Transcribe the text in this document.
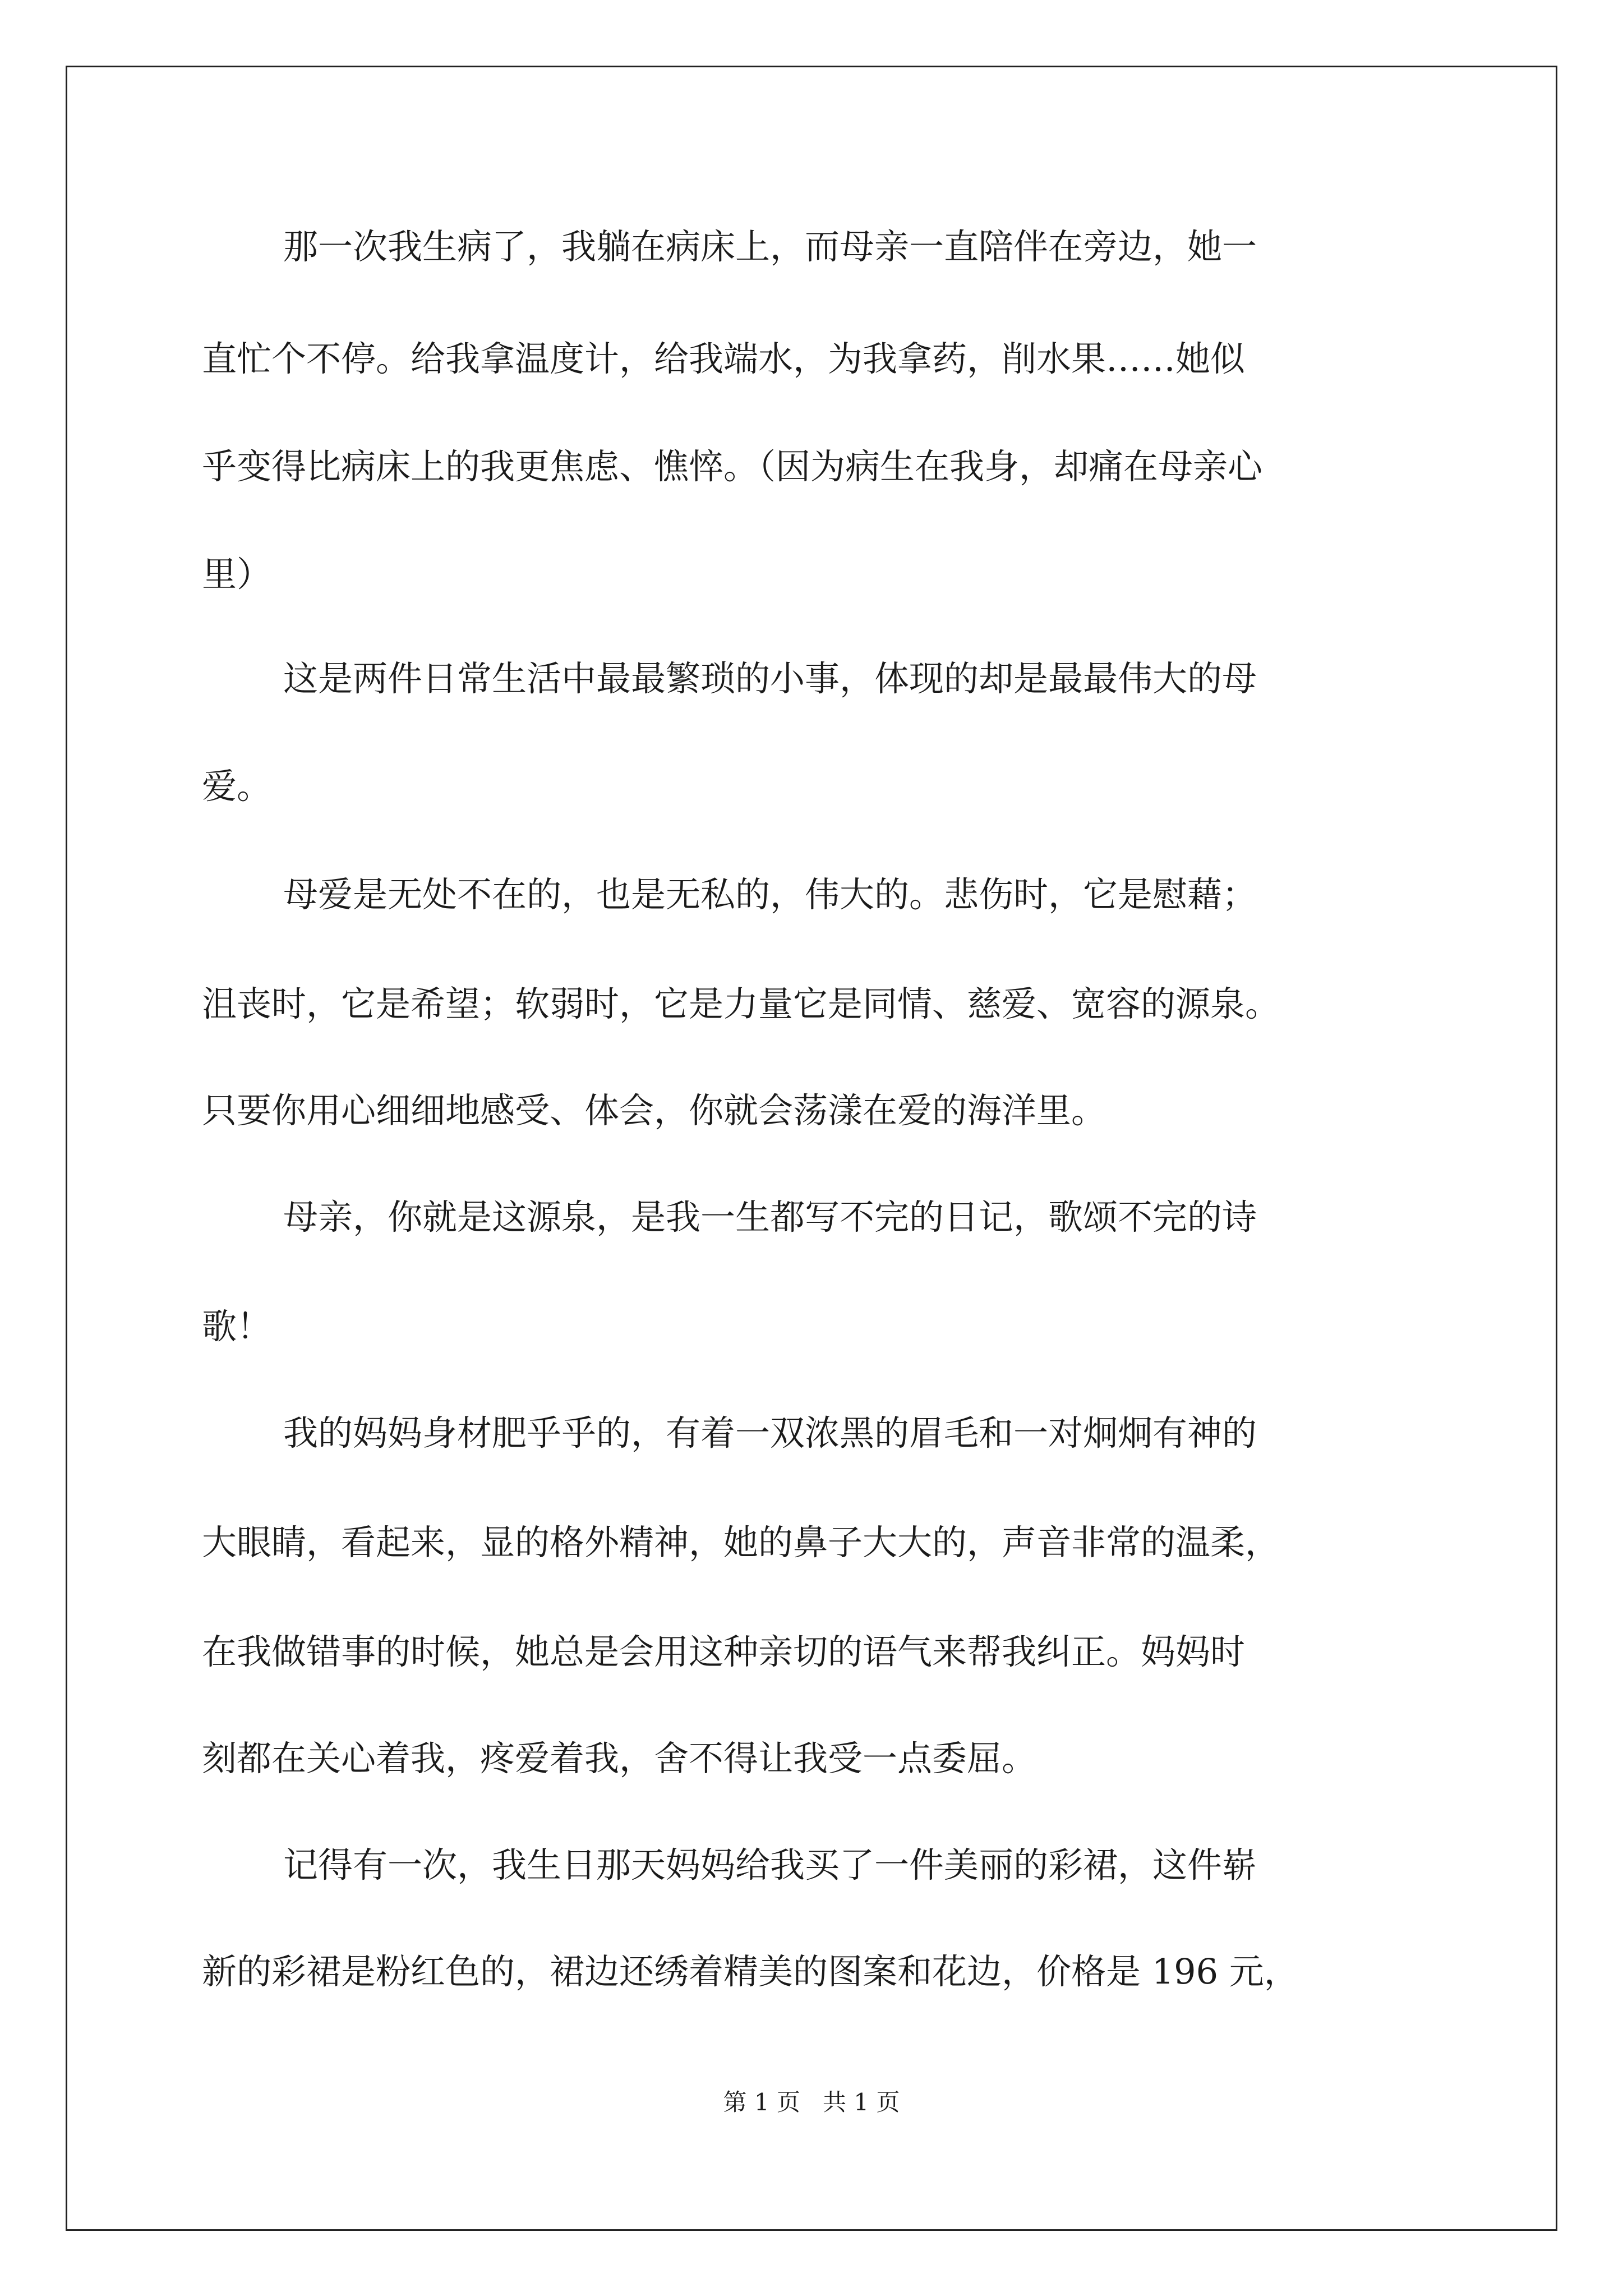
那一次我生病了，我躺在病床上，而母亲一直陪伴在旁边，她一
直忙个不停。给我拿温度计，给我端水，为我拿药，削水果……她似
乎变得比病床上的我更焦虑、憔悴。（因为病生在我身，却痛在母亲心
里）
这是两件日常生活中最最繁琐的小事，体现的却是最最伟大的母
爱。
母爱是无处不在的，也是无私的，伟大的。悲伤时，它是慰藉；
沮丧时，它是希望；软弱时，它是力量它是同情、慈爱、宽容的源泉。
只要你用心细细地感受、体会，你就会荡漾在爱的海洋里。
母亲，你就是这源泉，是我一生都写不完的日记，歌颂不完的诗
歌！
我的妈妈身材肥乎乎的，有着一双浓黑的眉毛和一对炯炯有神的
大眼睛，看起来，显的格外精神，她的鼻子大大的，声音非常的温柔，
在我做错事的时候，她总是会用这种亲切的语气来帮我纠正。妈妈时
刻都在关心着我，疼爱着我，舍不得让我受一点委屈。
记得有一次，我生日那天妈妈给我买了一件美丽的彩裙，这件崭
新的彩裙是粉红色的，裙边还绣着精美的图案和花边，价格是 196 元，
第 1 页   共 1 页
